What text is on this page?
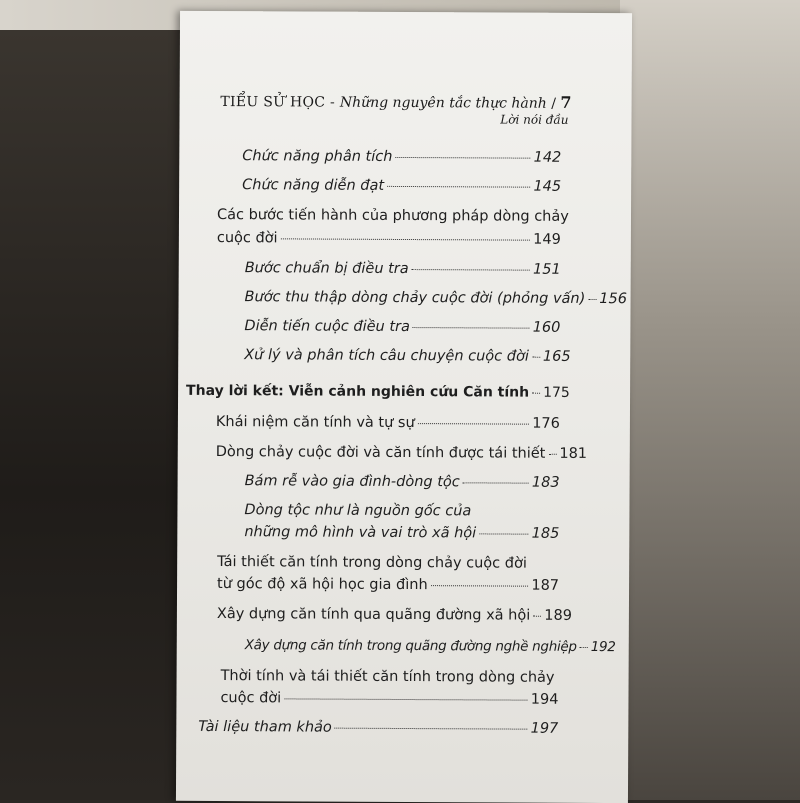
TIỂU SỬ HỌC - Những nguyên tắc thực hành / 7
Lời nói đầu
Chức năng phân tích	142
Chức năng diễn đạt	145
Các bước tiến hành của phương pháp dòng chảy
cuộc đời	149
Bước chuẩn bị điều tra	151
Bước thu thập dòng chảy cuộc đời (phỏng vấn) 156
Diễn tiến cuộc điều tra	160
Xử lý và phân tích câu chuyện cuộc đời 165
Thay lời kết: Viễn cảnh nghiên cứu Căn tính 175
Khái niệm căn tính và tự sự	176
Dòng chảy cuộc đời và căn tính được tái thiết 181
Bám rễ vào gia đình-dòng tộc	183
Dòng tộc như là nguồn gốc của
những mô hình và vai trò xã hội	185
Tái thiết căn tính trong dòng chảy cuộc đời
từ góc độ xã hội học gia đình	187
Xây dựng căn tính qua quãng đường xã hội 189
Xây dựng căn tính trong quãng đường nghề nghiệp 192
Thời tính và tái thiết căn tính trong dòng chảy
cuộc đời	194
Tài liệu tham khảo	197
